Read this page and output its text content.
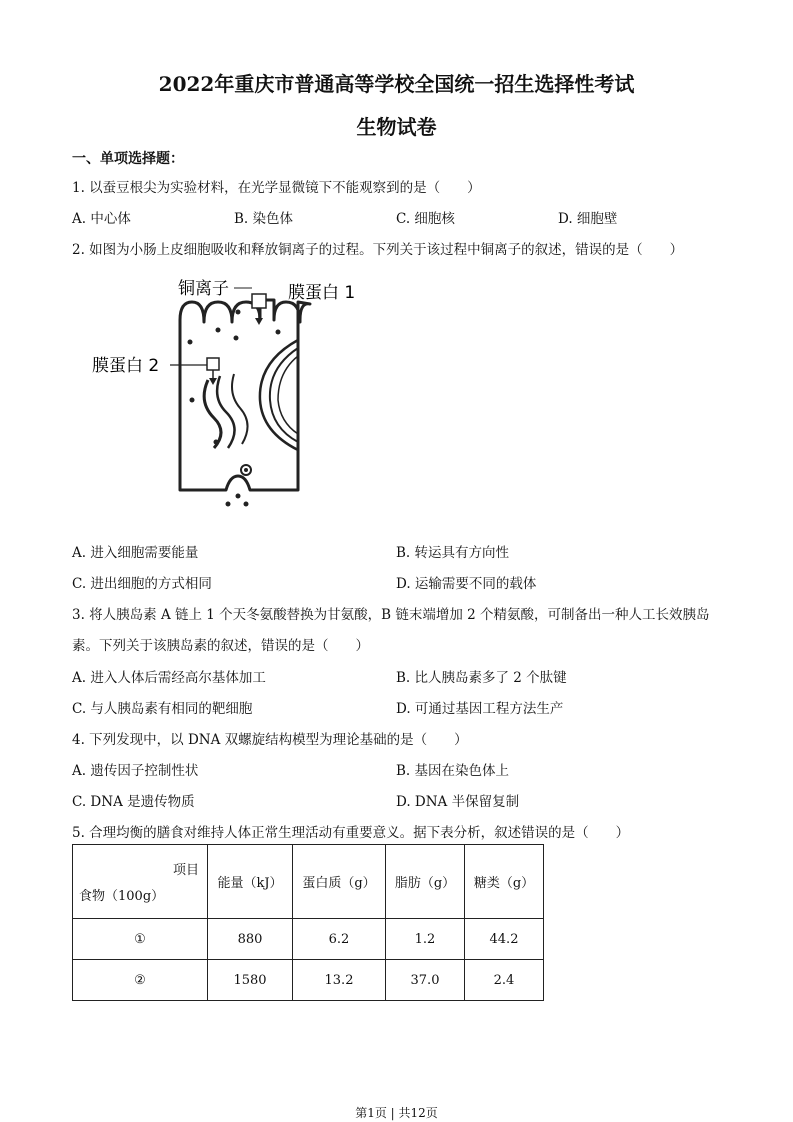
2022年重庆市普通高等学校全国统一招生选择性考试
生物试卷
一、单项选择题：
1. 以蚕豆根尖为实验材料，在光学显微镜下不能观察到的是（　　）
A. 中心体	B. 染色体	C. 细胞核	D. 细胞壁
2. 如图为小肠上皮细胞吸收和释放铜离子的过程。下列关于该过程中铜离子的叙述，错误的是（　　）
铜离子	膜蛋白 1
膜蛋白 2
A. 进入细胞需要能量	B. 转运具有方向性
C. 进出细胞的方式相同	D. 运输需要不同的载体
3. 将人胰岛素 A 链上 1 个天冬氨酸替换为甘氨酸，B 链末端增加 2 个精氨酸，可制备出一种人工长效胰岛
素。下列关于该胰岛素的叙述，错误的是（　　）
A. 进入人体后需经高尔基体加工	B. 比人胰岛素多了 2 个肽键
C. 与人胰岛素有相同的靶细胞	D. 可通过基因工程方法生产
4. 下列发现中，以 DNA 双螺旋结构模型为理论基础的是（　　）
A. 遗传因子控制性状	B. 基因在染色体上
C. DNA 是遗传物质	D. DNA 半保留复制
5. 合理均衡的膳食对维持人体正常生理活动有重要意义。据下表分析，叙述错误的是（　　）
项目
食物（100g）	能量（kJ）	蛋白质（g）	脂肪（g）	糖类（g）
①	880	6.2	1.2	44.2
②	1580	13.2	37.0	2.4
第1页 | 共12页
